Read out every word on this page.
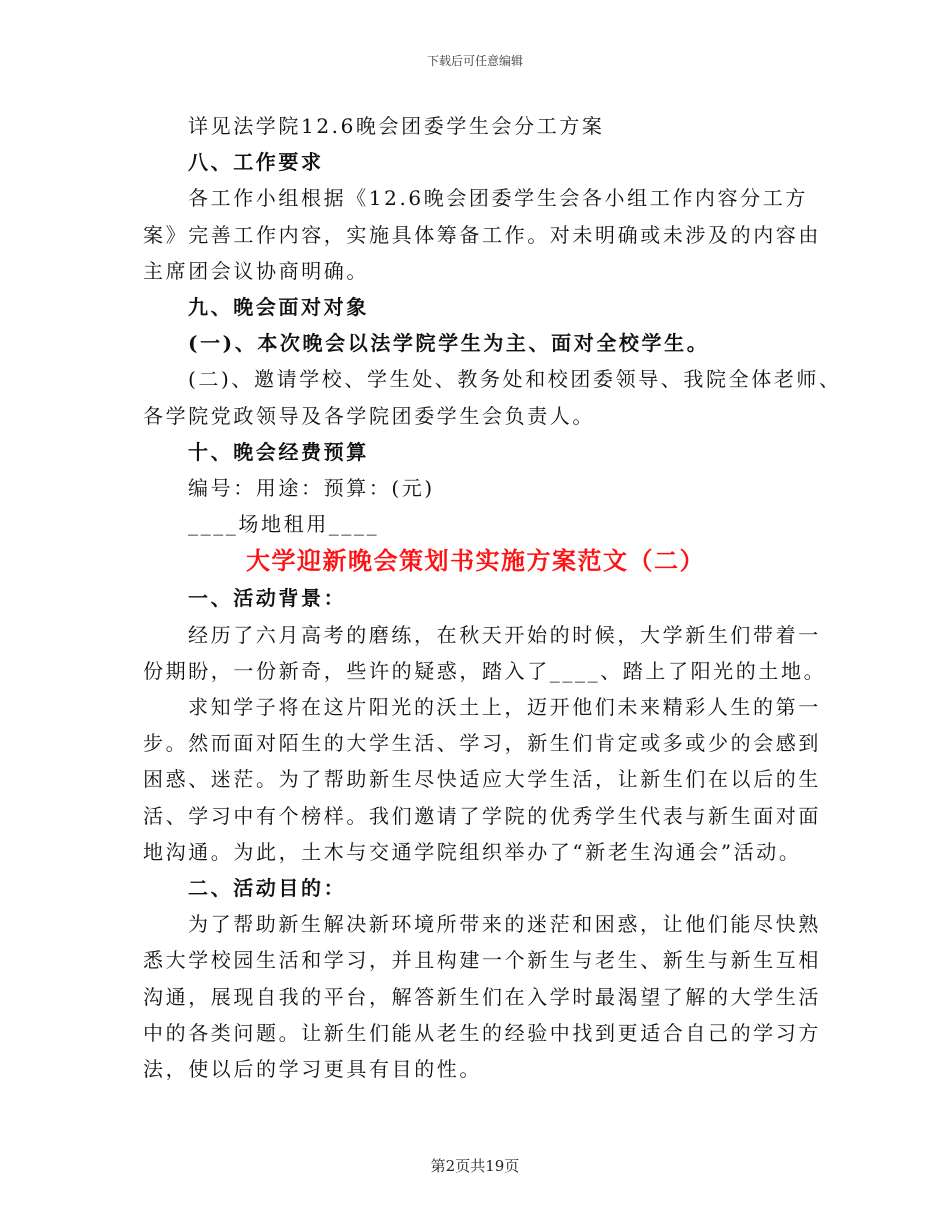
下载后可任意编辑
详见法学院12.6晚会团委学生会分工方案
八、工作要求
各工作小组根据《12.6晚会团委学生会各小组工作内容分工方
案》完善工作内容，实施具体筹备工作。对未明确或未涉及的内容由
主席团会议协商明确。
九、晚会面对对象
(一)、本次晚会以法学院学生为主、面对全校学生。
(二)、邀请学校、学生处、教务处和校团委领导、我院全体老师、
各学院党政领导及各学院团委学生会负责人。
十、晚会经费预算
编号：用途：预算：(元)
____场地租用____
大学迎新晚会策划书实施方案范文（二）
一、活动背景：
经历了六月高考的磨练，在秋天开始的时候，大学新生们带着一
份期盼，一份新奇，些许的疑惑，踏入了____、踏上了阳光的土地。
求知学子将在这片阳光的沃土上，迈开他们未来精彩人生的第一
步。然而面对陌生的大学生活、学习，新生们肯定或多或少的会感到
困惑、迷茫。为了帮助新生尽快适应大学生活，让新生们在以后的生
活、学习中有个榜样。我们邀请了学院的优秀学生代表与新生面对面
地沟通。为此，土木与交通学院组织举办了“新老生沟通会”活动。
二、活动目的：
为了帮助新生解决新环境所带来的迷茫和困惑，让他们能尽快熟
悉大学校园生活和学习，并且构建一个新生与老生、新生与新生互相
沟通，展现自我的平台，解答新生们在入学时最渴望了解的大学生活
中的各类问题。让新生们能从老生的经验中找到更适合自己的学习方
法，使以后的学习更具有目的性。
第2页共19页
